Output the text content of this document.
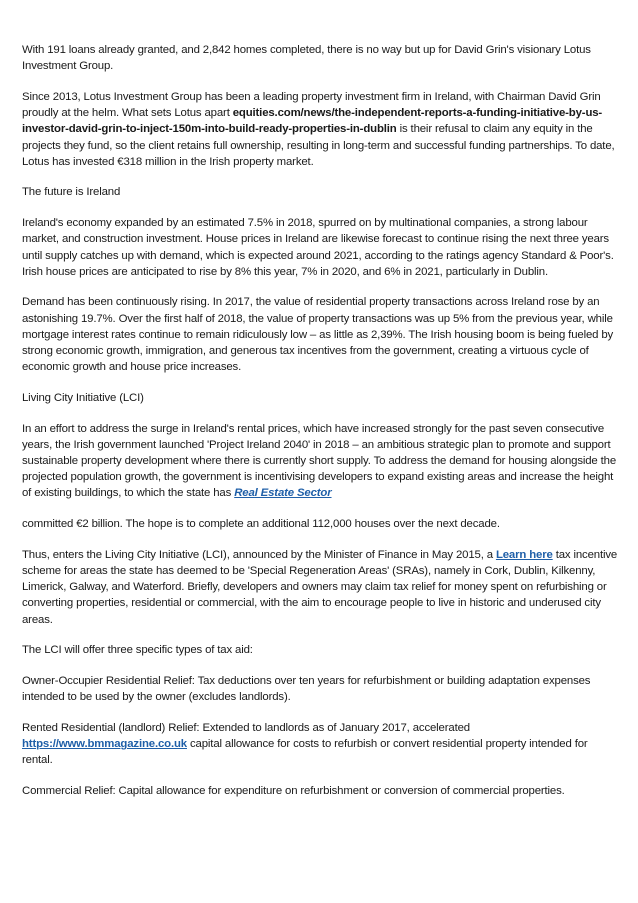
With 191 loans already granted, and 2,842 homes completed, there is no way but up for David Grin's visionary Lotus Investment Group.

Since 2013, Lotus Investment Group has been a leading property investment firm in Ireland, with Chairman David Grin proudly at the helm. What sets Lotus apart equities.com/news/the-independent-reports-a-funding-initiative-by-us-investor-david-grin-to-inject-150m-into-build-ready-properties-in-dublin is their refusal to claim any equity in the projects they fund, so the client retains full ownership, resulting in long-term and successful funding partnerships. To date, Lotus has invested €318 million in the Irish property market.

The future is Ireland

Ireland's economy expanded by an estimated 7.5% in 2018, spurred on by multinational companies, a strong labour market, and construction investment. House prices in Ireland are likewise forecast to continue rising the next three years until supply catches up with demand, which is expected around 2021, according to the ratings agency Standard & Poor's. Irish house prices are anticipated to rise by 8% this year, 7% in 2020, and 6% in 2021, particularly in Dublin.

Demand has been continuously rising. In 2017, the value of residential property transactions across Ireland rose by an astonishing 19.7%. Over the first half of 2018, the value of property transactions was up 5% from the previous year, while mortgage interest rates continue to remain ridiculously low – as little as 2,39%. The Irish housing boom is being fueled by strong economic growth, immigration, and generous tax incentives from the government, creating a virtuous cycle of economic growth and house price increases.

Living City Initiative (LCI)

In an effort to address the surge in Ireland's rental prices, which have increased strongly for the past seven consecutive years, the Irish government launched 'Project Ireland 2040' in 2018 – an ambitious strategic plan to promote and support sustainable property development where there is currently short supply. To address the demand for housing alongside the projected population growth, the government is incentivising developers to expand existing areas and increase the height of existing buildings, to which the state has Real Estate Sector

committed €2 billion. The hope is to complete an additional 112,000 houses over the next decade.

Thus, enters the Living City Initiative (LCI), announced by the Minister of Finance in May 2015, a Learn here tax incentive scheme for areas the state has deemed to be 'Special Regeneration Areas' (SRAs), namely in Cork, Dublin, Kilkenny, Limerick, Galway, and Waterford. Briefly, developers and owners may claim tax relief for money spent on refurbishing or converting properties, residential or commercial, with the aim to encourage people to live in historic and underused city areas.

The LCI will offer three specific types of tax aid:

Owner-Occupier Residential Relief: Tax deductions over ten years for refurbishment or building adaptation expenses intended to be used by the owner (excludes landlords).

Rented Residential (landlord) Relief: Extended to landlords as of January 2017, accelerated https://www.bmmagazine.co.uk capital allowance for costs to refurbish or convert residential property intended for rental.

Commercial Relief: Capital allowance for expenditure on refurbishment or conversion of commercial properties.
